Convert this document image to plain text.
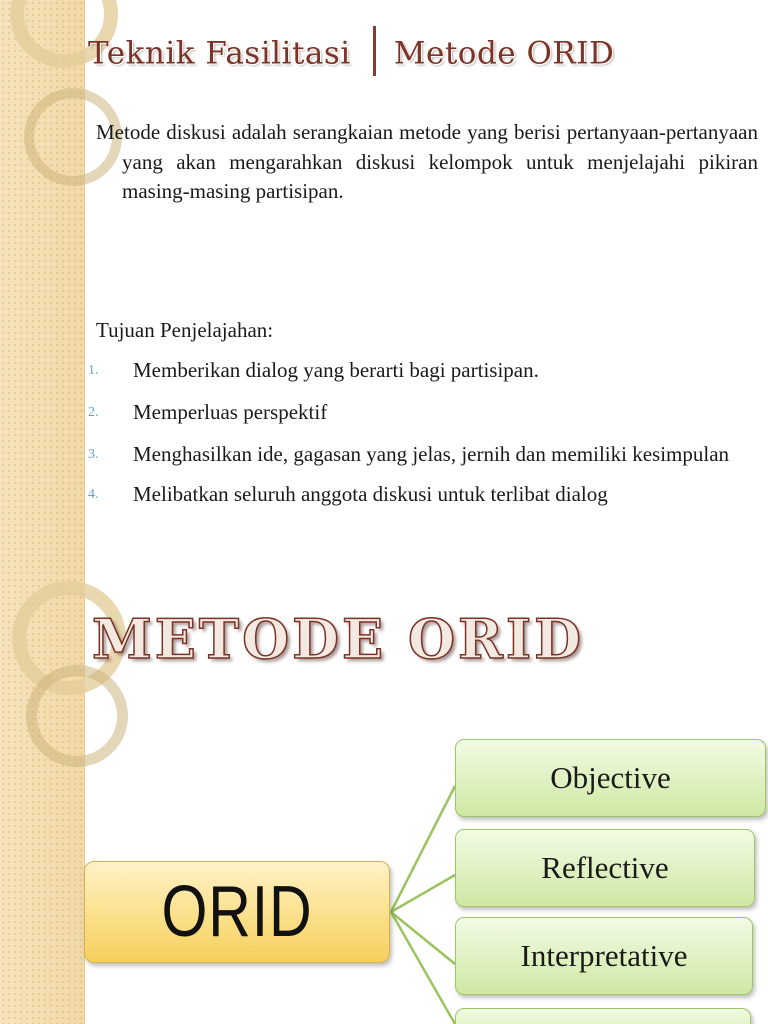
Teknik Fasilitasi Metode ORID
Metode diskusi adalah serangkaian metode yang berisi pertanyaan-pertanyaan yang akan mengarahkan diskusi kelompok untuk menjelajahi pikiran masing-masing partisipan.
Tujuan Penjelajahan:
1. Memberikan dialog yang berarti bagi partisipan.
2. Memperluas perspektif
3. Menghasilkan ide, gagasan yang jelas, jernih dan memiliki kesimpulan
4. Melibatkan seluruh anggota diskusi untuk terlibat dialog
METODE ORID
ORID
Objective
Reflective
Interpretative
